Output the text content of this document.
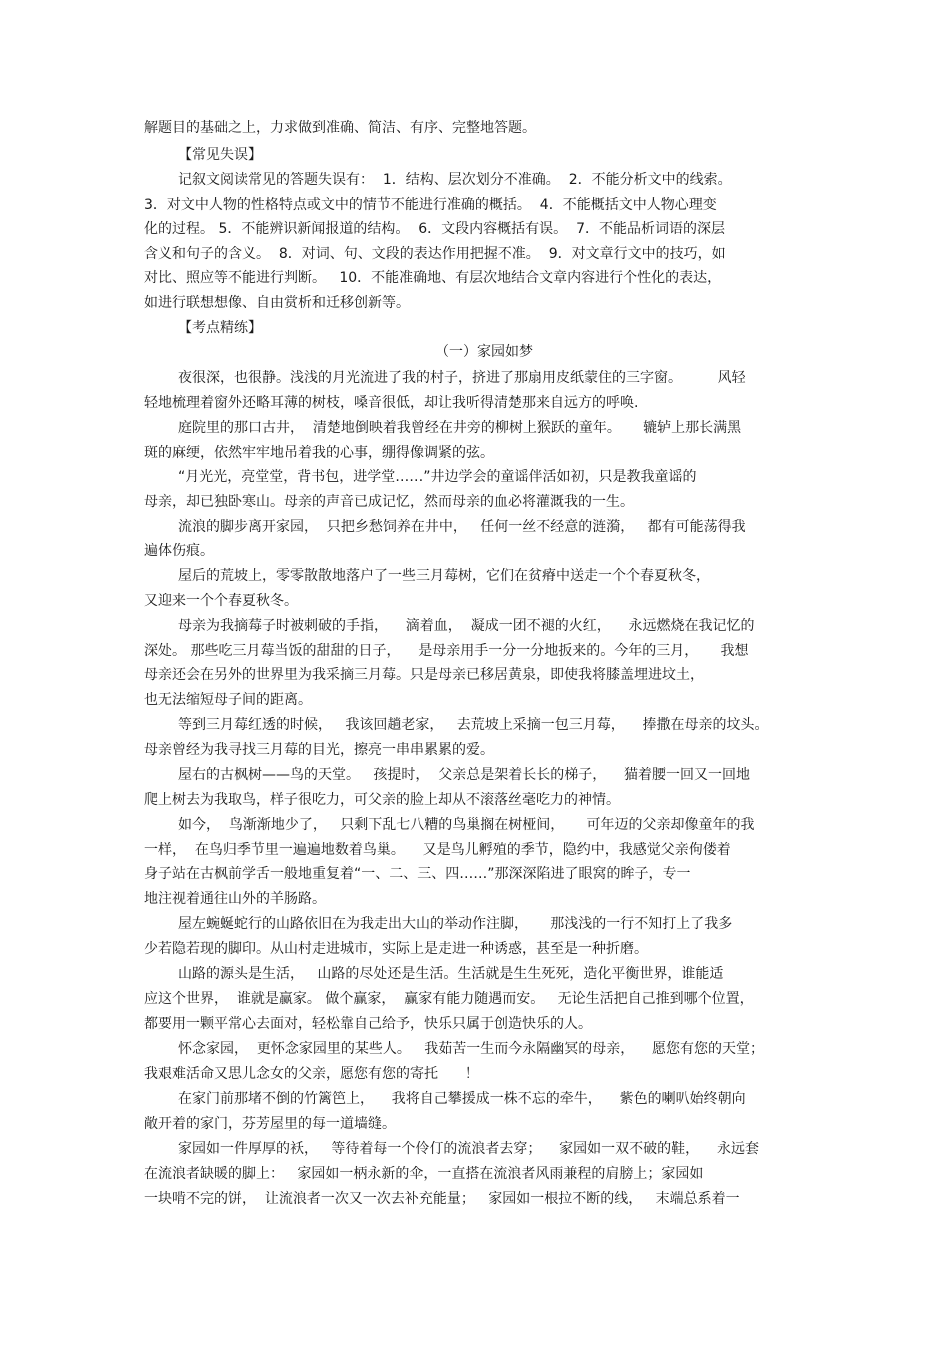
解题目的基础之上，力求做到准确、简洁、有序、完整地答题。
【常见失误】
记叙文阅读常见的答题失误有：  1．结构、层次划分不准确。  2．不能分析文中的线索。
3．对文中人物的性格特点或文中的情节不能进行准确的概括。  4．不能概括文中人物心理变
化的过程。 5．不能辨识新闻报道的结构。  6．文段内容概括有误。  7．不能品析词语的深层
含义和句子的含义。  8．对词、句、文段的表达作用把握不准。  9．对文章行文中的技巧，如
对比、照应等不能进行判断。   10．不能准确地、有层次地结合文章内容进行个性化的表达，
如进行联想想像、自由赏析和迁移创新等。
【考点精练】
（一）家园如梦
夜很深，也很静。浅浅的月光流进了我的村子，挤进了那扇用皮纸蒙住的三字窗。        风轻
轻地梳理着窗外还略耳薄的树枝，嗓音很低，却让我听得清楚那来自远方的呼唤.
庭院里的那口古井，  清楚地倒映着我曾经在井旁的柳树上猴跃的童年。     辘轳上那长满黑
斑的麻绠，依然牢牢地吊着我的心事，绷得像调紧的弦。
“月光光，亮堂堂，背书包，进学堂……”井边学会的童谣伴活如初，只是教我童谣的
母亲，却已独卧寒山。母亲的声音已成记忆，然而母亲的血必将灌溉我的一生。
流浪的脚步离开家园，  只把乡愁饲养在井中，   任何一丝不经意的涟漪，   都有可能荡得我
遍体伤痕。
屋后的荒坡上，零零散散地落户了一些三月莓树，它们在贫瘠中送走一个个春夏秋冬，
又迎来一个个春夏秋冬。
母亲为我摘莓子时被刺破的手指，    滴着血，  凝成一团不褪的火红，    永远燃烧在我记忆的
深处。 那些吃三月莓当饭的甜甜的日子，    是母亲用手一分一分地扳来的。今年的三月，     我想
母亲还会在另外的世界里为我采摘三月莓。只是母亲已移居黄泉，即使我将膝盖埋进坟土，
也无法缩短母子间的距离。
等到三月莓红透的时候，   我该回趟老家，   去荒坡上采摘一包三月莓，    捧撒在母亲的坟头。
母亲曾经为我寻找三月莓的目光，擦亮一串串累累的爱。
屋右的古枫树——鸟的天堂。   孩提时，  父亲总是架着长长的梯子，    猫着腰一回又一回地
爬上树去为我取鸟，样子很吃力，可父亲的脸上却从不滚落丝毫吃力的神情。
如今，  鸟渐渐地少了，   只剩下乱七八糟的鸟巢搁在树桠间，     可年迈的父亲却像童年的我
一样，  在鸟归季节里一遍遍地数着鸟巢。    又是鸟儿孵殖的季节，隐约中，我感觉父亲佝偻着
身子站在古枫前学舌一般地重复着“一、二、三、四……”那深深陷进了眼窝的眸子，专一
地注视着通往山外的羊肠路。
屋左蜿蜒蛇行的山路依旧在为我走出大山的举动作注脚，     那浅浅的一行不知打上了我多
少若隐若现的脚印。从山村走进城市，实际上是走进一种诱惑，甚至是一种折磨。
山路的源头是生活，   山路的尽处还是生活。生活就是生生死死，造化平衡世界，谁能适
应这个世界，  谁就是赢家。 做个赢家，  赢家有能力随遇而安。   无论生活把自己推到哪个位置，
都要用一颗平常心去面对，轻松靠自己给予，快乐只属于创造快乐的人。
怀念家园，  更怀念家园里的某些人。   我茹苦一生而今永隔幽冥的母亲，    愿您有您的天堂；
我艰难活命又思儿念女的父亲，愿您有您的寄托      ！
在家门前那堵不倒的竹篱笆上，    我将自己攀援成一株不忘的牵牛，    紫色的喇叭始终朝向
敞开着的家门，芬芳屋里的每一道墙缝。
家园如一件厚厚的袄，   等待着每一个伶仃的流浪者去穿；    家园如一双不破的鞋，    永远套
在流浪者缺暖的脚上：   家园如一柄永新的伞，一直搭在流浪者风雨兼程的肩膀上；家园如
一块啃不完的饼，  让流浪者一次又一次去补充能量；   家园如一根拉不断的线，   末端总系着一
